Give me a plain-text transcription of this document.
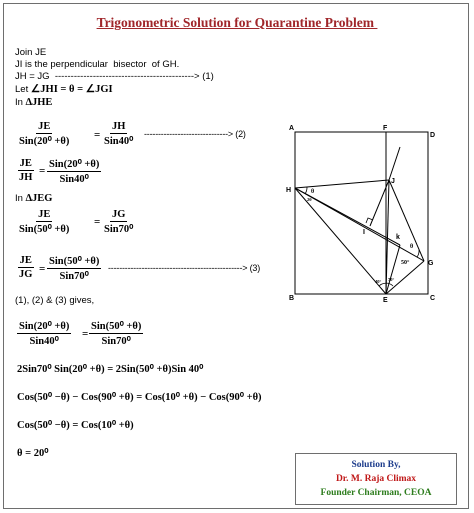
Trigonometric Solution for Quarantine Problem
Join JE
JI is the perpendicular  bisector  of GH.
JH = JG  --------------------------------------------> (1)
Let ∠JHI = θ = ∠JGI
In ∆JHE
JE
Sin(20⁰ +θ)
=
JH
Sin40⁰
------------------------------> (2)
$\frac{JE}{JH}$ =
Sin(20⁰ +θ)
Sin40⁰
In ∆JEG
JE
Sin(50⁰ +θ)
=
JG
Sin70⁰
$\frac{JE}{JG}$ =
Sin(50⁰ +θ)
Sin70⁰
------------------------------------------------> (3)
(1), (2) & (3) gives,
Sin(20⁰ +θ)
Sin40⁰
=
Sin(50⁰ +θ)
Sin70⁰
2Sin70⁰ Sin(20⁰ +θ) = 2Sin(50⁰ +θ)Sin 40⁰
Cos(50⁰ −θ) − Cos(90⁰ +θ) = Cos(10⁰ +θ) − Cos(90⁰ +θ)
Cos(50⁰ −θ) = Cos(10⁰ +θ)
θ = 20⁰
A	F
D
H
J
I
k
G
B	E	C
θ
2θ
θ
50°
40° 70°
Solution By,
Dr. M. Raja Climax
Founder Chairman, CEOA
